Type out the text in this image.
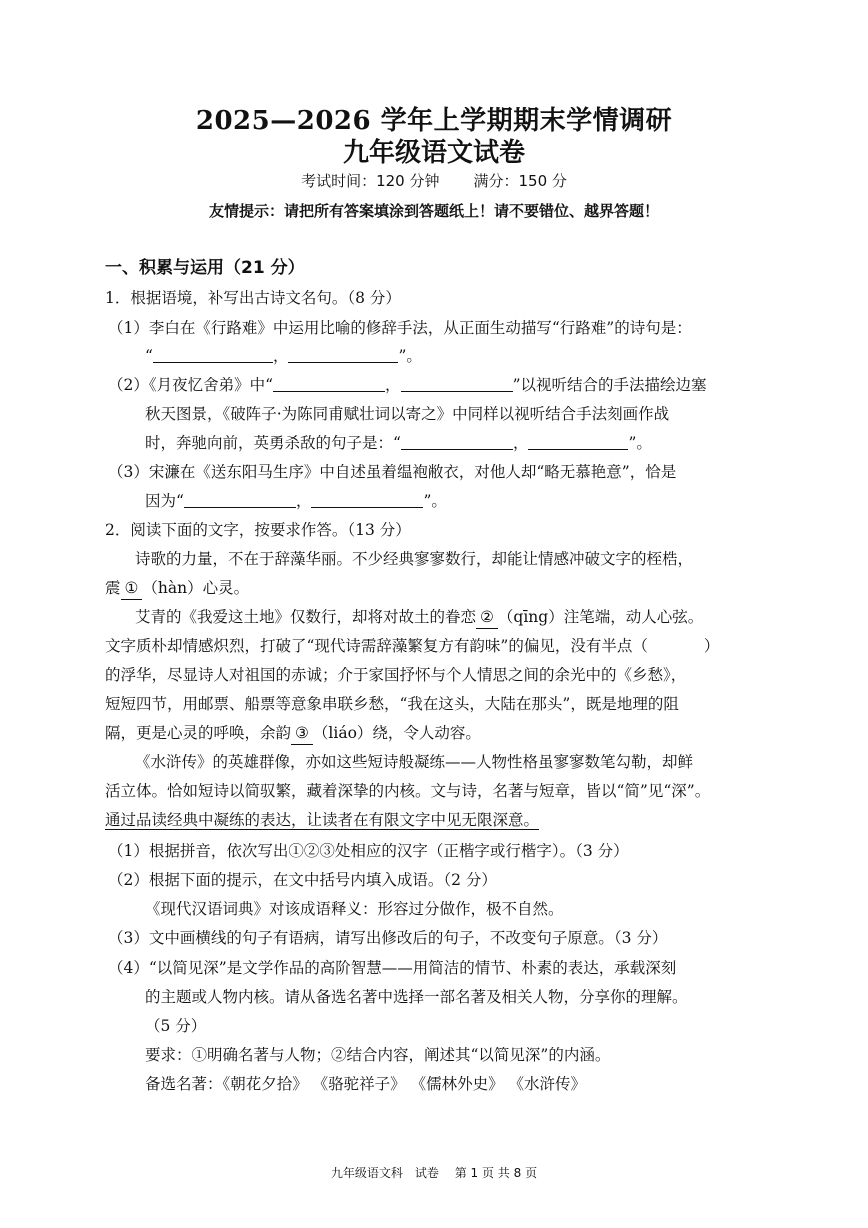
2025—2026 学年上学期期末学情调研
九年级语文试卷
考试时间：120 分钟 满分：150 分
友情提示：请把所有答案填涂到答题纸上！请不要错位、越界答题！
一、积累与运用（21 分）
1．根据语境，补写出古诗文名句。（8 分）
（1）李白在《行路难》中运用比喻的修辞手法，从正面生动描写“行路难”的诗句是：
“	，	”。
（2）《月夜忆舍弟》中“	，	”以视听结合的手法描绘边塞
秋天图景，《破阵子·为陈同甫赋壮词以寄之》中同样以视听结合手法刻画作战
时，奔驰向前，英勇杀敌的句子是：“	，	”。
（3）宋濂在《送东阳马生序》中自述虽着缊袍敝衣，对他人却“略无慕艳意”，恰是
因为“	，	”。
2．阅读下面的文字，按要求作答。（13 分）
诗歌的力量，不在于辞藻华丽。不少经典寥寥数行，却能让情感冲破文字的桎梏，
震 ① （hàn）心灵。
艾青的《我爱这土地》仅数行，却将对故土的眷恋 ② （qīng）注笔端，动人心弦。
文字质朴却情感炽烈，打破了“现代诗需辞藻繁复方有韵味”的偏见，没有半点（	）
的浮华，尽显诗人对祖国的赤诚；介于家国抒怀与个人情思之间的余光中的《乡愁》，
短短四节，用邮票、船票等意象串联乡愁，“我在这头，大陆在那头”，既是地理的阻
隔，更是心灵的呼唤，余韵 ③ （liáo）绕，令人动容。
《水浒传》的英雄群像，亦如这些短诗般凝练——人物性格虽寥寥数笔勾勒，却鲜
活立体。恰如短诗以简驭繁，藏着深挚的内核。文与诗，名著与短章，皆以“简”见“深”。
通过品读经典中凝练的表达，让读者在有限文字中见无限深意。
（1）根据拼音，依次写出①②③处相应的汉字（正楷字或行楷字）。（3 分）
（2）根据下面的提示，在文中括号内填入成语。（2 分）
《现代汉语词典》对该成语释义：形容过分做作，极不自然。
（3）文中画横线的句子有语病，请写出修改后的句子，不改变句子原意。（3 分）
（4）“以简见深”是文学作品的高阶智慧——用简洁的情节、朴素的表达，承载深刻
的主题或人物内核。请从备选名著中选择一部名著及相关人物，分享你的理解。
（5 分）
要求：①明确名著与人物；②结合内容，阐述其“以简见深”的内涵。
备选名著：《朝花夕拾》 《骆驼祥子》 《儒林外史》 《水浒传》
九年级语文科　试卷　 第 1 页 共 8 页
